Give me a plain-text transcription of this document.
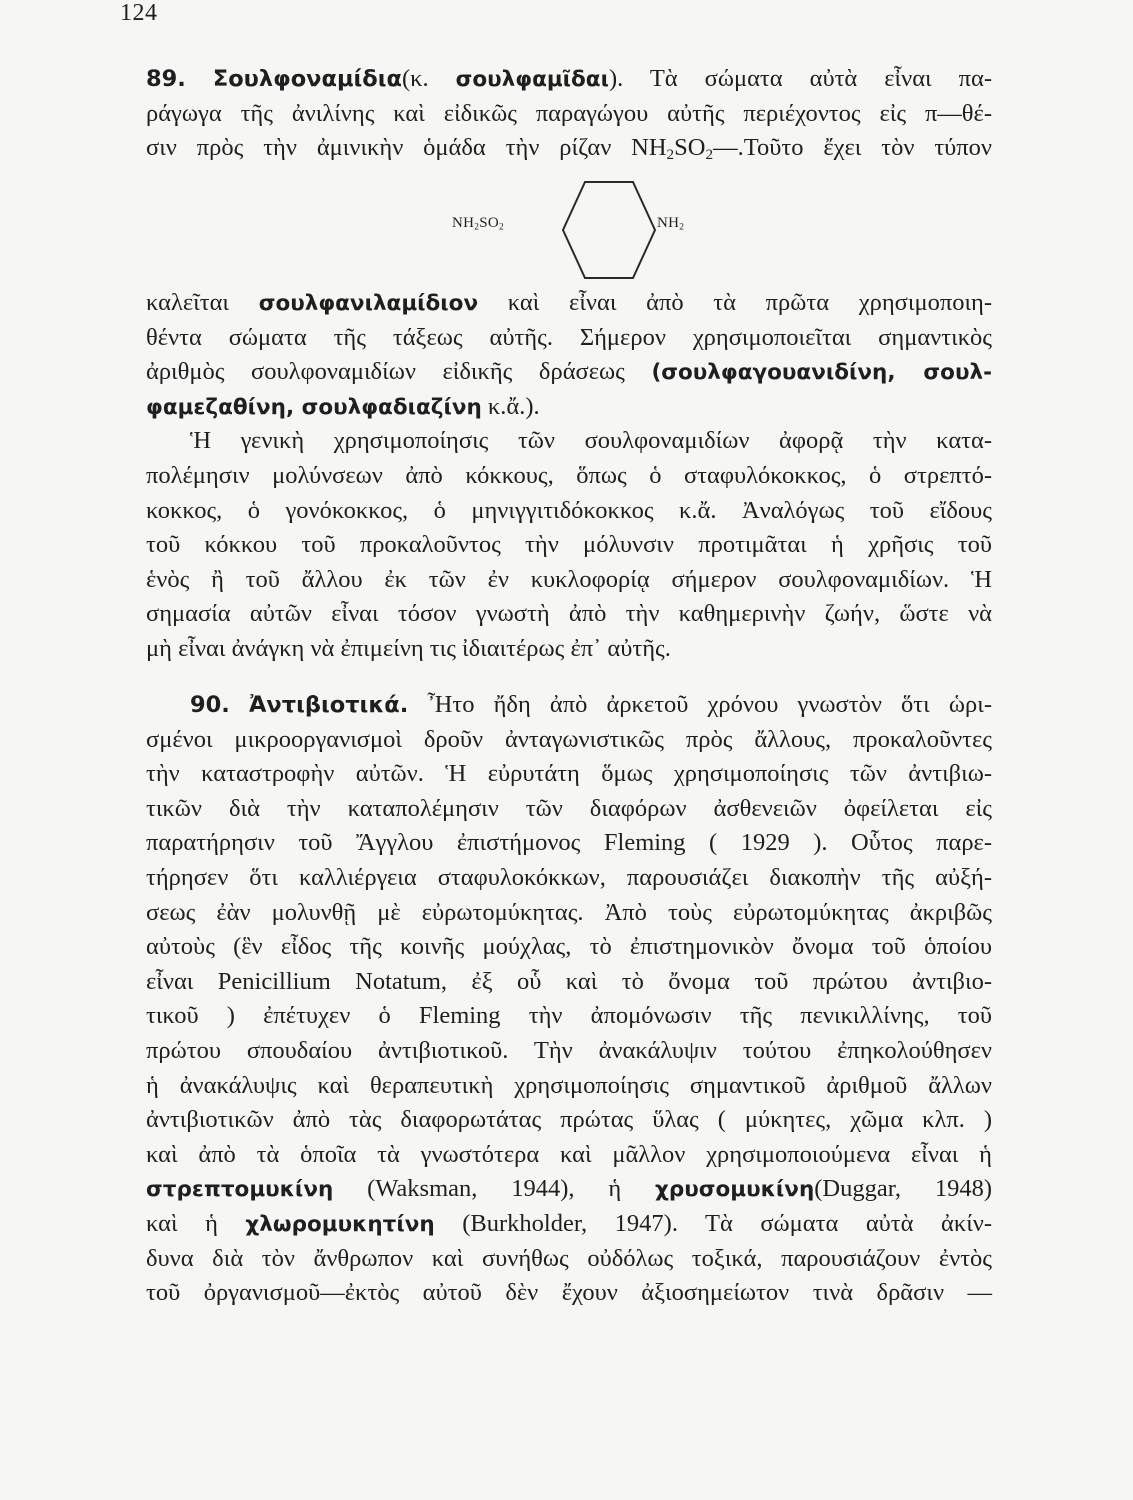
124
89. Σουλφοναμίδια(κ. σουλφαμῖδαι). Τὰ σώματα αὐτὰ εἶναι πα-
ράγωγα τῆς ἀνιλίνης καὶ εἰδικῶς παραγώγου αὐτῆς περιέχοντος εἰς π—θέ-
σιν πρὸς τὴν ἀμινικὴν ὁμάδα τὴν ρίζαν $NH_2SO_2—.Toῦ\tau o$ ἔχει τὸν τύπον
$NH_2SO_2$	$NH_2$
καλεῖται σουλφανιλαμίδιον καὶ εἶναι ἀπὸ τὰ πρῶτα χρησιμοποιη-
θέντα σώματα τῆς τάξεως αὐτῆς. Σήμερον χρησιμοποιεῖται σημαντικὸς
ἀριθμὸς σουλφοναμιδίων εἰδικῆς δράσεως (σουλφαγουανιδίνη, σουλ-
φαμεζαθίνη, σουλφαδιαζίνη κ.ἄ.).
Ἡ γενικὴ χρησιμοποίησις τῶν σουλφοναμιδίων ἀφορᾷ τὴν κατα-
πολέμησιν μολύνσεων ἀπὸ κόκκους, ὅπως ὁ σταφυλόκοκκος, ὁ στρεπτό-
κοκκος, ὁ γονόκοκκος, ὁ μηνιγγιτιδόκοκκος κ.ἄ. Ἀναλόγως τοῦ εἴδους
τοῦ κόκκου τοῦ προκαλοῦντος τὴν μόλυνσιν προτιμᾶται ἡ χρῆσις τοῦ
ἑνὸς ἢ τοῦ ἄλλου ἐκ τῶν ἐν κυκλοφορίᾳ σήμερον σουλφοναμιδίων. Ἡ
σημασία αὐτῶν εἶναι τόσον γνωστὴ ἀπὸ τὴν καθημερινὴν ζωήν, ὥστε νὰ
μὴ εἶναι ἀνάγκη νὰ ἐπιμείνη τις ἰδιαιτέρως ἐπ᾽ αὐτῆς.
90. Ἀντιβιοτικά. Ἦτο ἤδη ἀπὸ ἀρκετοῦ χρόνου γνωστὸν ὅτι ὡρι-
σμένοι μικροοργανισμοὶ δροῦν ἀνταγωνιστικῶς πρὸς ἄλλους, προκαλοῦντες
τὴν καταστροφὴν αὐτῶν. Ἡ εὐρυτάτη ὅμως χρησιμοποίησις τῶν ἀντιβιω-
τικῶν διὰ τὴν καταπολέμησιν τῶν διαφόρων ἀσθενειῶν ὀφείλεται εἰς
παρατήρησιν τοῦ Ἄγγλου ἐπιστήμονος Fleming ( 1929 ). Οὗτος παρε-
τήρησεν ὅτι καλλιέργεια σταφυλοκόκκων, παρουσιάζει διακοπὴν τῆς αὐξή-
σεως ἐὰν μολυνθῇ μὲ εὐρωτομύκητας. Ἀπὸ τοὺς εὐρωτομύκητας ἀκριβῶς
αὐτοὺς (ἓν εἶδος τῆς κοινῆς μούχλας, τὸ ἐπιστημονικὸν ὄνομα τοῦ ὁποίου
εἶναι Penicillium Notatum, ἐξ οὗ καὶ τὸ ὄνομα τοῦ πρώτου ἀντιβιο-
τικοῦ ) ἐπέτυχεν ὁ Fleming τὴν ἀπομόνωσιν τῆς πενικιλλίνης, τοῦ
πρώτου σπουδαίου ἀντιβιοτικοῦ. Τὴν ἀνακάλυψιν τούτου ἐπηκολούθησεν
ἡ ἀνακάλυψις καὶ θεραπευτικὴ χρησιμοποίησις σημαντικοῦ ἀριθμοῦ ἄλλων
ἀντιβιοτικῶν ἀπὸ τὰς διαφορωτάτας πρώτας ὕλας ( μύκητες, χῶμα κλπ. )
καὶ ἀπὸ τὰ ὁποῖα τὰ γνωστότερα καὶ μᾶλλον χρησιμοποιούμενα εἶναι ἡ
στρεπτομυκίνη (Waksman, 1944), ἡ χρυσομυκίνη(Duggar, 1948)
καὶ ἡ χλωρομυκητίνη (Burkholder, 1947). Τὰ σώματα αὐτὰ ἀκίν-
δυνα διὰ τὸν ἄνθρωπον καὶ συνήθως οὐδόλως τοξικά, παρουσιάζουν ἐντὸς
τοῦ ὀργανισμοῦ—ἐκτὸς αὐτοῦ δὲν ἔχουν ἀξιοσημείωτον τινὰ δρᾶσιν —
